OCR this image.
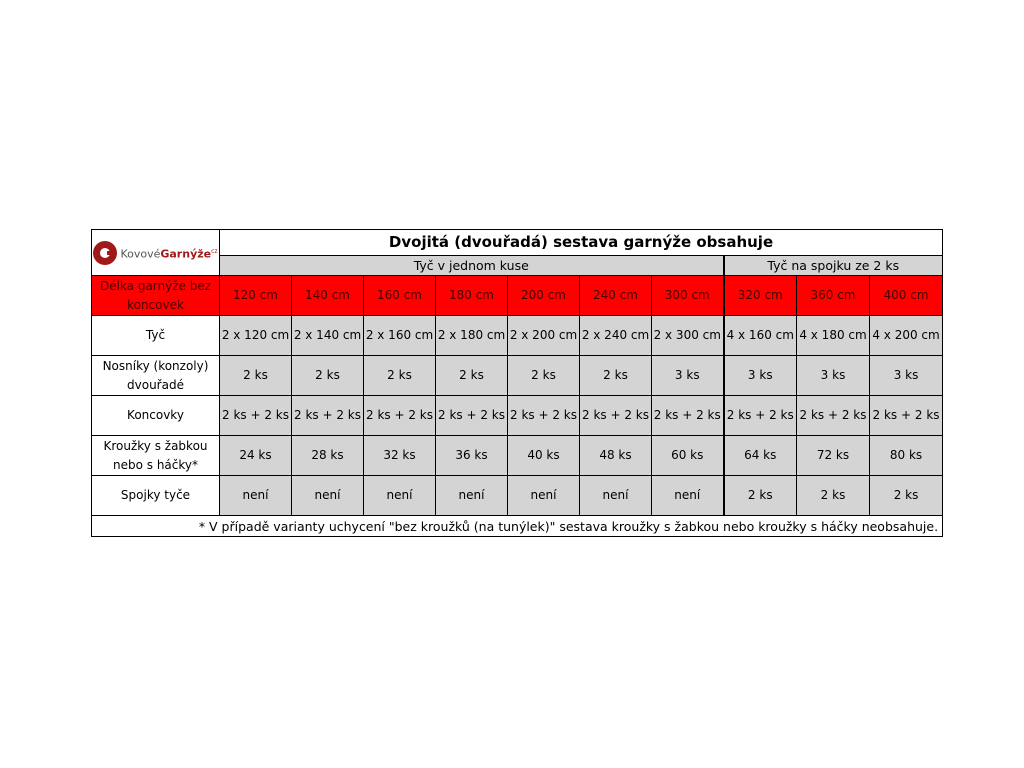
KovovéGarnýže$^{cz}$	Dvojitá (dvouřadá) sestava garnýže obsahuje									
	Tyč v jednom kuse							Tyč na spojku ze 2 ks		
Délka garnýže bez koncovek	120 cm	140 cm	160 cm	180 cm	200 cm	240 cm	300 cm	320 cm	360 cm	400 cm
Tyč	2 x 120 cm	2 x 140 cm	2 x 160 cm	2 x 180 cm	2 x 200 cm	2 x 240 cm	2 x 300 cm	4 x 160 cm	4 x 180 cm	4 x 200 cm
Nosníky (konzoly) dvouřadé	2 ks	2 ks	2 ks	2 ks	2 ks	2 ks	3 ks	3 ks	3 ks	3 ks
Koncovky	2 ks + 2 ks	2 ks + 2 ks	2 ks + 2 ks	2 ks + 2 ks	2 ks + 2 ks	2 ks + 2 ks	2 ks + 2 ks	2 ks + 2 ks	2 ks + 2 ks	2 ks + 2 ks
Kroužky s žabkou nebo s háčky*	24 ks	28 ks	32 ks	36 ks	40 ks	48 ks	60 ks	64 ks	72 ks	80 ks
Spojky tyče	není	není	není	není	není	není	není	2 ks	2 ks	2 ks
* V případě varianty uchycení "bez kroužků (na tunýlek)" sestava kroužky s žabkou nebo kroužky s háčky neobsahuje.										
